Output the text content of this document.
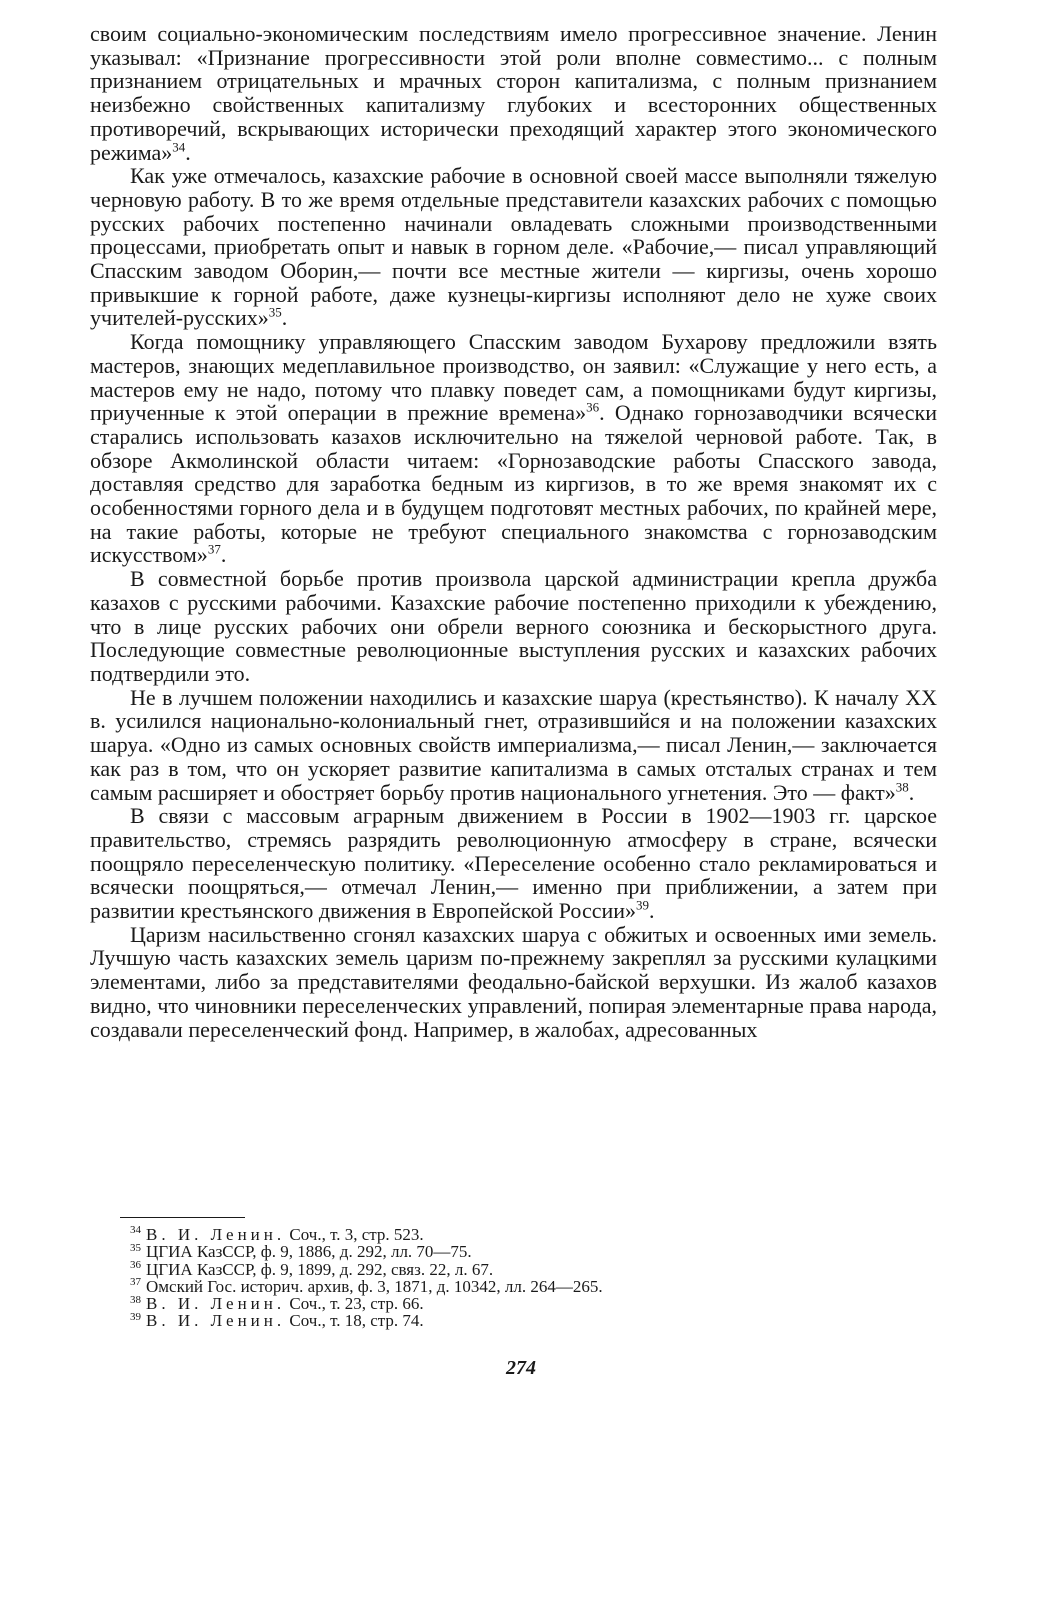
своим социально-экономическим последствиям имело прогрессивное значение. Ленин указывал: «Признание прогрессивности этой роли вполне совместимо... с полным признанием отрицательных и мрачных сторон капитализма, с полным признанием неизбежно свойственных капитализму глубоких и всесторонних общественных противоречий, вскрывающих исторически преходящий характер этого экономического режима»$^{34}$.

Как уже отмечалось, казахские рабочие в основной своей массе выполняли тяжелую черновую работу. В то же время отдельные представители казахских рабочих с помощью русских рабочих постепенно начинали овладевать сложными производственными процессами, приобретать опыт и навык в горном деле. «Рабочие,— писал управляющий Спасским заводом Оборин,— почти все местные жители — киргизы, очень хорошо привыкшие к горной работе, даже кузнецы-киргизы исполняют дело не хуже своих учителей-русских»$^{35}$.

Когда помощнику управляющего Спасским заводом Бухарову предложили взять мастеров, знающих медеплавильное производство, он заявил: «Служащие у него есть, а мастеров ему не надо, потому что плавку поведет сам, а помощниками будут киргизы, приученные к этой операции в прежние времена»$^{36}$. Однако горнозаводчики всячески старались использовать казахов исключительно на тяжелой черновой работе. Так, в обзоре Акмолинской области читаем: «Горнозаводские работы Спасского завода, доставляя средство для заработка бедным из киргизов, в то же время знакомят их с особенностями горного дела и в будущем подготовят местных рабочих, по крайней мере, на такие работы, которые не требуют специального знакомства с горнозаводским искусством»$^{37}$.

В совместной борьбе против произвола царской администрации крепла дружба казахов с русскими рабочими. Казахские рабочие постепенно приходили к убеждению, что в лице русских рабочих они обрели верного союзника и бескорыстного друга. Последующие совместные революционные выступления русских и казахских рабочих подтвердили это.

Не в лучшем положении находились и казахские шаруа (крестьянство). К началу XX в. усилился национально-колониальный гнет, отразившийся и на положении казахских шаруа. «Одно из самых основных свойств империализма,— писал Ленин,— заключается как раз в том, что он ускоряет развитие капитализма в самых отсталых странах и тем самым расширяет и обостряет борьбу против национального угнетения. Это — факт»$^{38}$.

В связи с массовым аграрным движением в России в 1902—1903 гг. царское правительство, стремясь разрядить революционную атмосферу в стране, всячески поощряло переселенческую политику. «Переселение особенно стало рекламироваться и всячески поощряться,— отмечал Ленин,— именно при приближении, а затем при развитии крестьянского движения в Европейской России»$^{39}$.

Царизм насильственно сгонял казахских шаруа с обжитых и освоенных ими земель. Лучшую часть казахских земель царизм по-прежнему закреплял за русскими кулацкими элементами, либо за представителями феодально-байской верхушки. Из жалоб казахов видно, что чиновники переселенческих управлений, попирая элементарные права народа, создавали переселенческий фонд. Например, в жалобах, адресованных

$^{34}$ В. И. Ленин. Соч., т. 3, стр. 523.

$^{35}$ ЦГИА КазССР, ф. 9, 1886, д. 292, лл. 70—75.

$^{36}$ ЦГИА КазССР, ф. 9, 1899, д. 292, связ. 22, л. 67.

$^{37}$ Омский Гос. историч. архив, ф. 3, 1871, д. 10342, лл. 264—265.

$^{38}$ В. И. Ленин. Соч., т. 23, стр. 66.

$^{39}$ В. И. Ленин. Соч., т. 18, стр. 74.

274
